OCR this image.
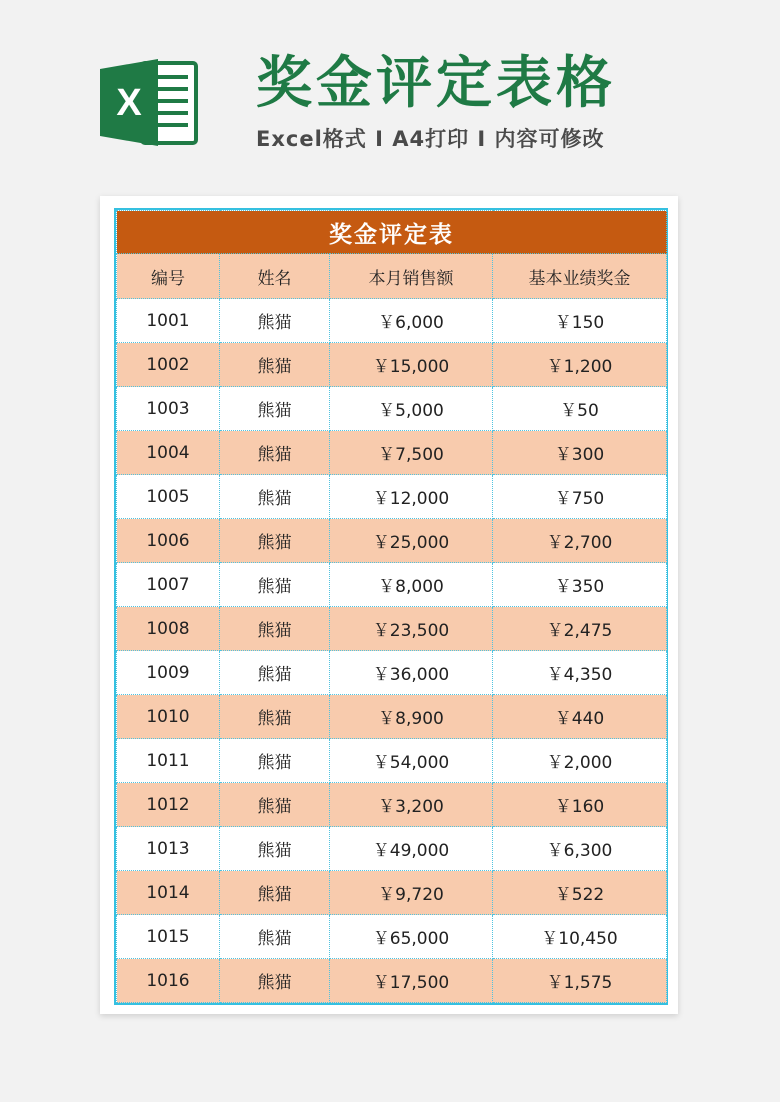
X 奖金评定表格
Excel格式 I A4打印 I 内容可修改
奖金评定表			
编号	姓名	本月销售额	基本业绩奖金
1001	熊猫	￥6,000	￥150
1002	熊猫	￥15,000	￥1,200
1003	熊猫	￥5,000	￥50
1004	熊猫	￥7,500	￥300
1005	熊猫	￥12,000	￥750
1006	熊猫	￥25,000	￥2,700
1007	熊猫	￥8,000	￥350
1008	熊猫	￥23,500	￥2,475
1009	熊猫	￥36,000	￥4,350
1010	熊猫	￥8,900	￥440
1011	熊猫	￥54,000	￥2,000
1012	熊猫	￥3,200	￥160
1013	熊猫	￥49,000	￥6,300
1014	熊猫	￥9,720	￥522
1015	熊猫	￥65,000	￥10,450
1016	熊猫	￥17,500	￥1,575
